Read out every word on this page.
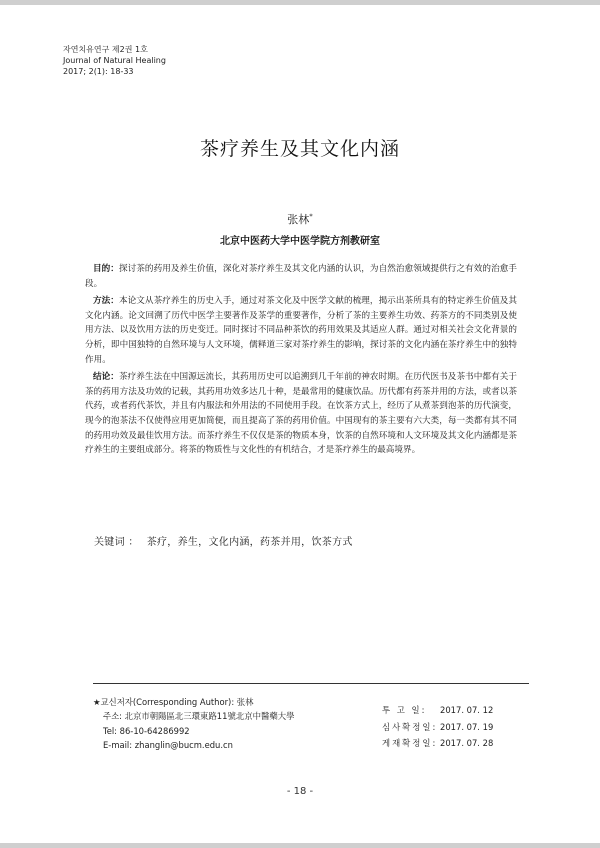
자연치유연구 제2권 1호
Journal of Natural Healing
2017; 2(1): 18-33
茶疗养生及其文化内涵
张林*
北京中医药大学中医学院方剂教研室

目的：探讨茶的药用及养生价值，深化对茶疗养生及其文化内涵的认识，为自然治愈领域提供行之有效的治愈手段。

方法：本论文从茶疗养生的历史入手，通过对茶文化及中医学文献的梳理，揭示出茶所具有的特定养生价值及其文化内涵。论文回溯了历代中医学主要著作及茶学的重要著作，分析了茶的主要养生功效、药茶方的不同类别及使用方法、以及饮用方法的历史变迁。同时探讨不同品种茶饮的药用效果及其适应人群。通过对相关社会文化背景的分析，即中国独特的自然环境与人文环境，儒释道三家对茶疗养生的影响，探讨茶的文化内涵在茶疗养生中的独特作用。

结论：茶疗养生法在中国源远流长，其药用历史可以追溯到几千年前的神农时期。在历代医书及茶书中都有关于茶的药用方法及功效的记载，其药用功效多达几十种，是最常用的健康饮品。历代都有药茶并用的方法，或者以茶代药，或者药代茶饮，并且有内服法和外用法的不同使用手段。在饮茶方式上，经历了从煮茶到泡茶的历代演变，现今的泡茶法不仅使得应用更加简便，而且提高了茶的药用价值。中国现有的茶主要有六大类，每一类都有其不同的药用功效及最佳饮用方法。而茶疗养生不仅仅是茶的物质本身，饮茶的自然环境和人文环境及其文化内涵都是茶疗养生的主要组成部分。将茶的物质性与文化性的有机结合，才是茶疗养生的最高境界。

关键词 ： 茶疗，养生，文化内涵，药茶并用，饮茶方式
★교신저자(Corresponding Author): 张林
주소: 北京市朝陽區北三環東路11號北京中醫藥大學
Tel: 86-10-64286992
E-mail: zhanglin@bucm.edu.cn
투 고 일: 2017. 07. 12
심사확정일: 2017. 07. 19
게재확정일: 2017. 07. 28
- 18 -
